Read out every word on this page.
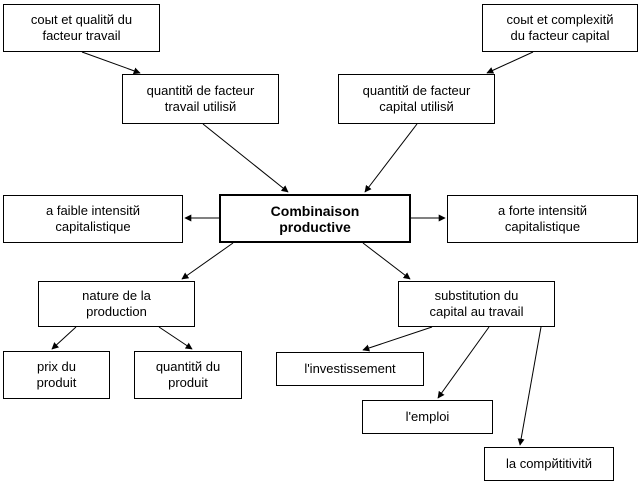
coыt et qualitй du
facteur travail
coыt et complexitй
du facteur capital
quantitй de facteur
travail utilisй
quantitй de facteur
capital utilisй
Combinaison
productive
a faible intensitй
capitalistique
a forte intensitй
capitalistique
nature de la
production
substitution du
capital au travail
prix du
produit
quantitй du
produit
l'investissement
l'emploi
la compйtitivitй
